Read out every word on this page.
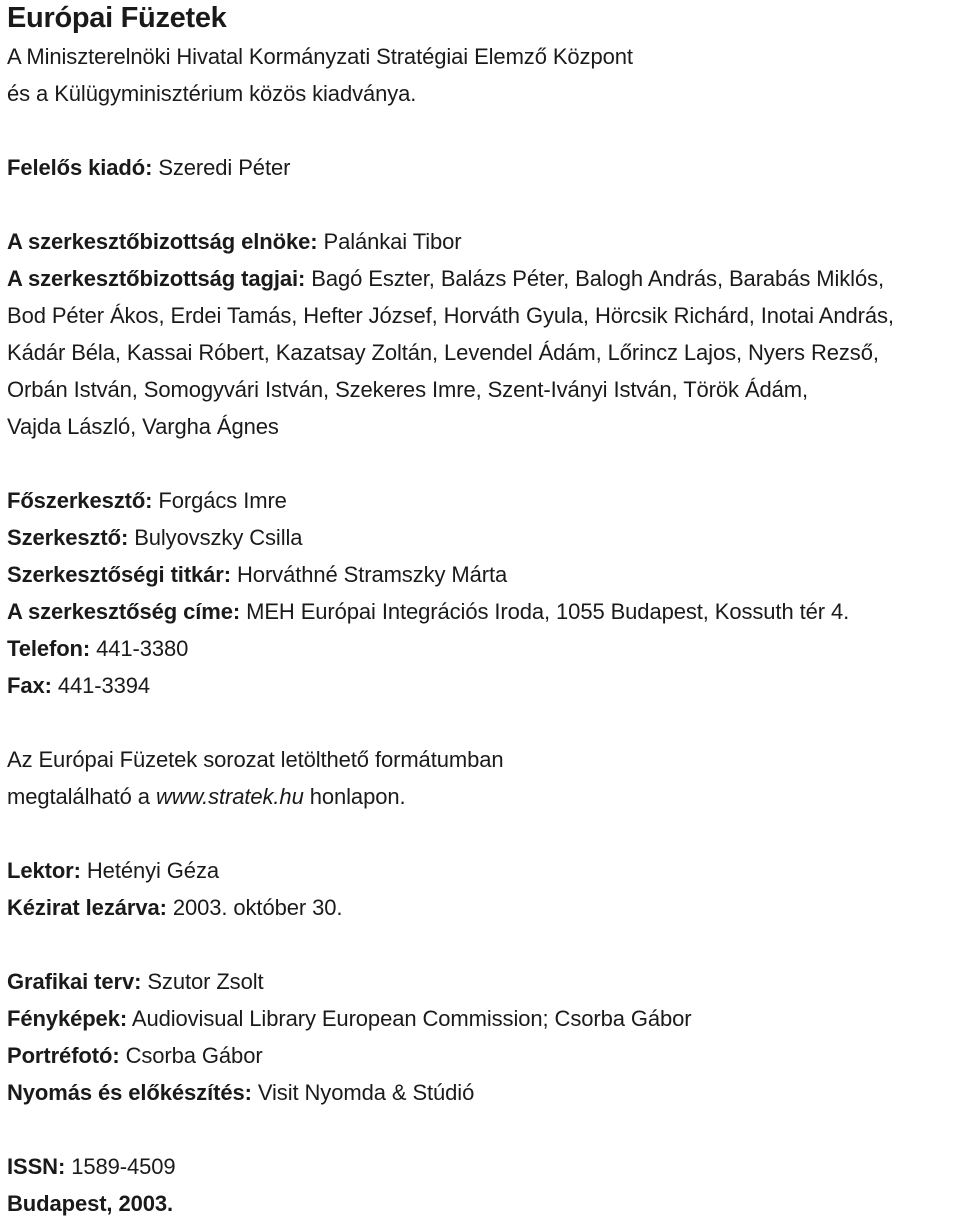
Európai Füzetek
A Miniszterelnöki Hivatal Kormányzati Stratégiai Elemző Központ
és a Külügyminisztérium közös kiadványa.
Felelős kiadó: Szeredi Péter
A szerkesztőbizottság elnöke: Palánkai Tibor
A szerkesztőbizottság tagjai: Bagó Eszter, Balázs Péter, Balogh András, Barabás Miklós,
Bod Péter Ákos, Erdei Tamás, Hefter József, Horváth Gyula, Hörcsik Richárd, Inotai András,
Kádár Béla, Kassai Róbert, Kazatsay Zoltán, Levendel Ádám, Lőrincz Lajos, Nyers Rezső,
Orbán István, Somogyvári István, Szekeres Imre, Szent-Iványi István, Török Ádám,
Vajda László, Vargha Ágnes
Főszerkesztő: Forgács Imre
Szerkesztő: Bulyovszky Csilla
Szerkesztőségi titkár: Horváthné Stramszky Márta
A szerkesztőség címe: MEH Európai Integrációs Iroda, 1055 Budapest, Kossuth tér 4.
Telefon: 441-3380
Fax: 441-3394
Az Európai Füzetek sorozat letölthető formátumban
megtalálható a www.stratek.hu honlapon.
Lektor: Hetényi Géza
Kézirat lezárva: 2003. október 30.
Grafikai terv: Szutor Zsolt
Fényképek: Audiovisual Library European Commission; Csorba Gábor
Portréfotó: Csorba Gábor
Nyomás és előkészítés: Visit Nyomda & Stúdió
ISSN: 1589-4509
Budapest, 2003.
